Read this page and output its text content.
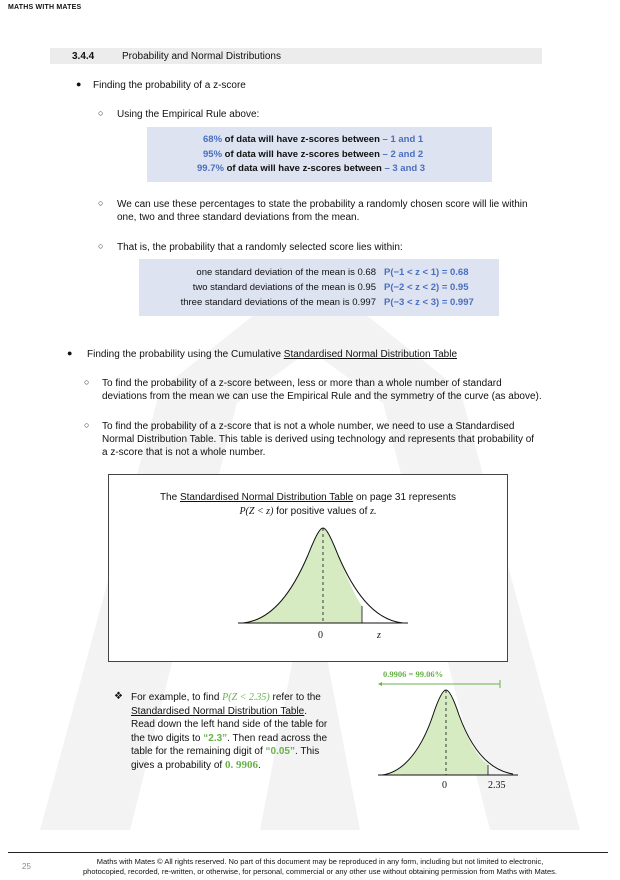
MATHS WITH MATES
3.4.4	Probability and Normal Distributions
● Finding the probability of a z-score
○ Using the Empirical Rule above:
68% of data will have z-scores between – 1 and 1
95% of data will have z-scores between – 2 and 2
99.7% of data will have z-scores between – 3 and 3
○ We can use these percentages to state the probability a randomly chosen score will lie within
one, two and three standard deviations from the mean.
○ That is, the probability that a randomly selected score lies within:
one standard deviation of the mean is 0.68 P(−1 < z < 1) = 0.68
two standard deviations of the mean is 0.95 P(−2 < z < 2) = 0.95
three standard deviations of the mean is 0.997 P(−3 < z < 3) = 0.997
● Finding the probability using the Cumulative Standardised Normal Distribution Table
○ To find the probability of a z-score between, less or more than a whole number of standard
deviations from the mean we can use the Empirical Rule and the symmetry of the curve (as above).
○ To find the probability of a z-score that is not a whole number, we need to use a Standardised
Normal Distribution Table. This table is derived using technology and represents that probability of
a z-score that is not a whole number.
The Standardised Normal Distribution Table on page 31 represents
P(Z < z) for positive values of z.
0	z
❖ For example, to find P(Z < 2.35) refer to the
Standardised Normal Distribution Table.
Read down the left hand side of the table for
the two digits to “2.3”. Then read across the
table for the remaining digit of “0.05”. This
gives a probability of 0. 9906.
0.9906 = 99.06%
0	2.35
25
Maths with Mates © All rights reserved. No part of this document may be reproduced in any form, including but not limited to electronic,
photocopied, recorded, re-written, or otherwise, for personal, commercial or any other use without obtaining permission from Maths with Mates.
